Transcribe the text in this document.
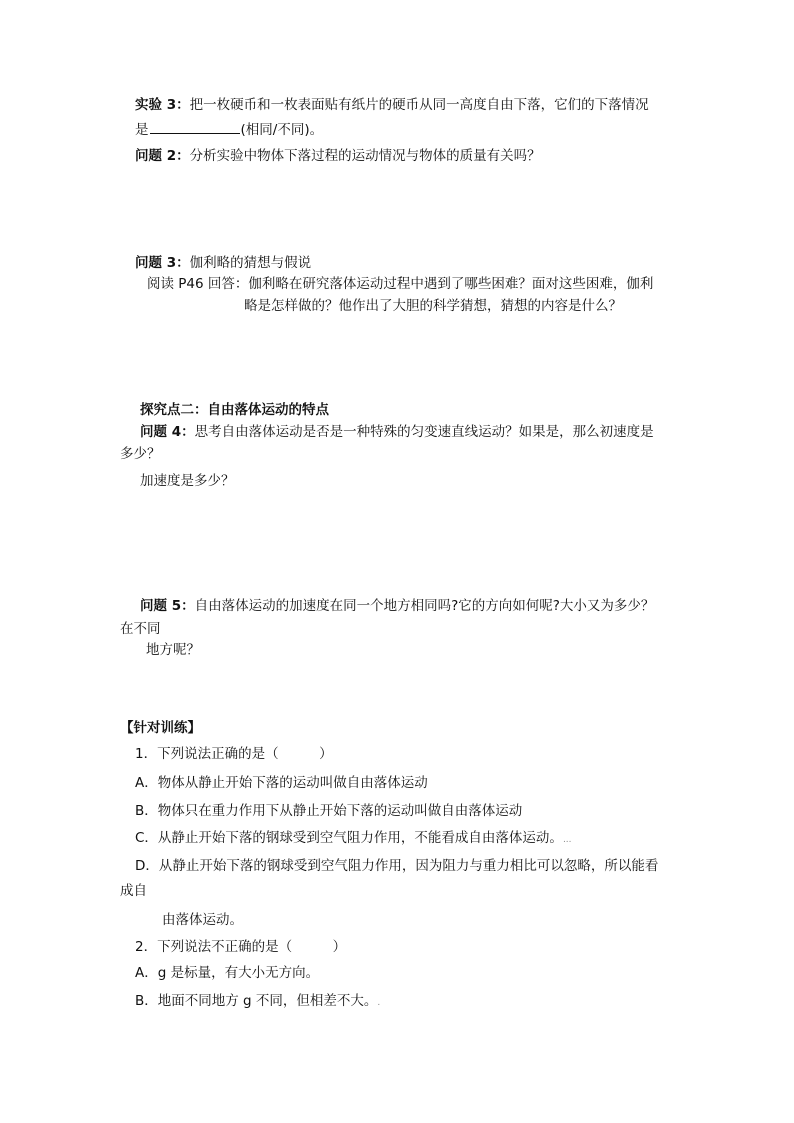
实验 3：把一枚硬币和一枚表面贴有纸片的硬币从同一高度自由下落，它们的下落情况
是	(相同/不同)。
问题 2：分析实验中物体下落过程的运动情况与物体的质量有关吗？
问题 3：伽利略的猜想与假说
阅读 P46 回答：伽利略在研究落体运动过程中遇到了哪些困难？面对这些困难，伽利
略是怎样做的？他作出了大胆的科学猜想，猜想的内容是什么？
探究点二：自由落体运动的特点
问题 4：思考自由落体运动是否是一种特殊的匀变速直线运动？如果是，那么初速度是
多少？
加速度是多少？
问题 5：自由落体运动的加速度在同一个地方相同吗?它的方向如何呢?大小又为多少？
在不同
地方呢？
【针对训练】
1．下列说法正确的是（　　　）
A．物体从静止开始下落的运动叫做自由落体运动
B．物体只在重力作用下从静止开始下落的运动叫做自由落体运动
C．从静止开始下落的钢球受到空气阻力作用，不能看成自由落体运动。...
D．从静止开始下落的钢球受到空气阻力作用，因为阻力与重力相比可以忽略，所以能看
成自
由落体运动。
2．下列说法不正确的是（　　　）
A．g 是标量，有大小无方向。
B．地面不同地方 g 不同，但相差不大。.
